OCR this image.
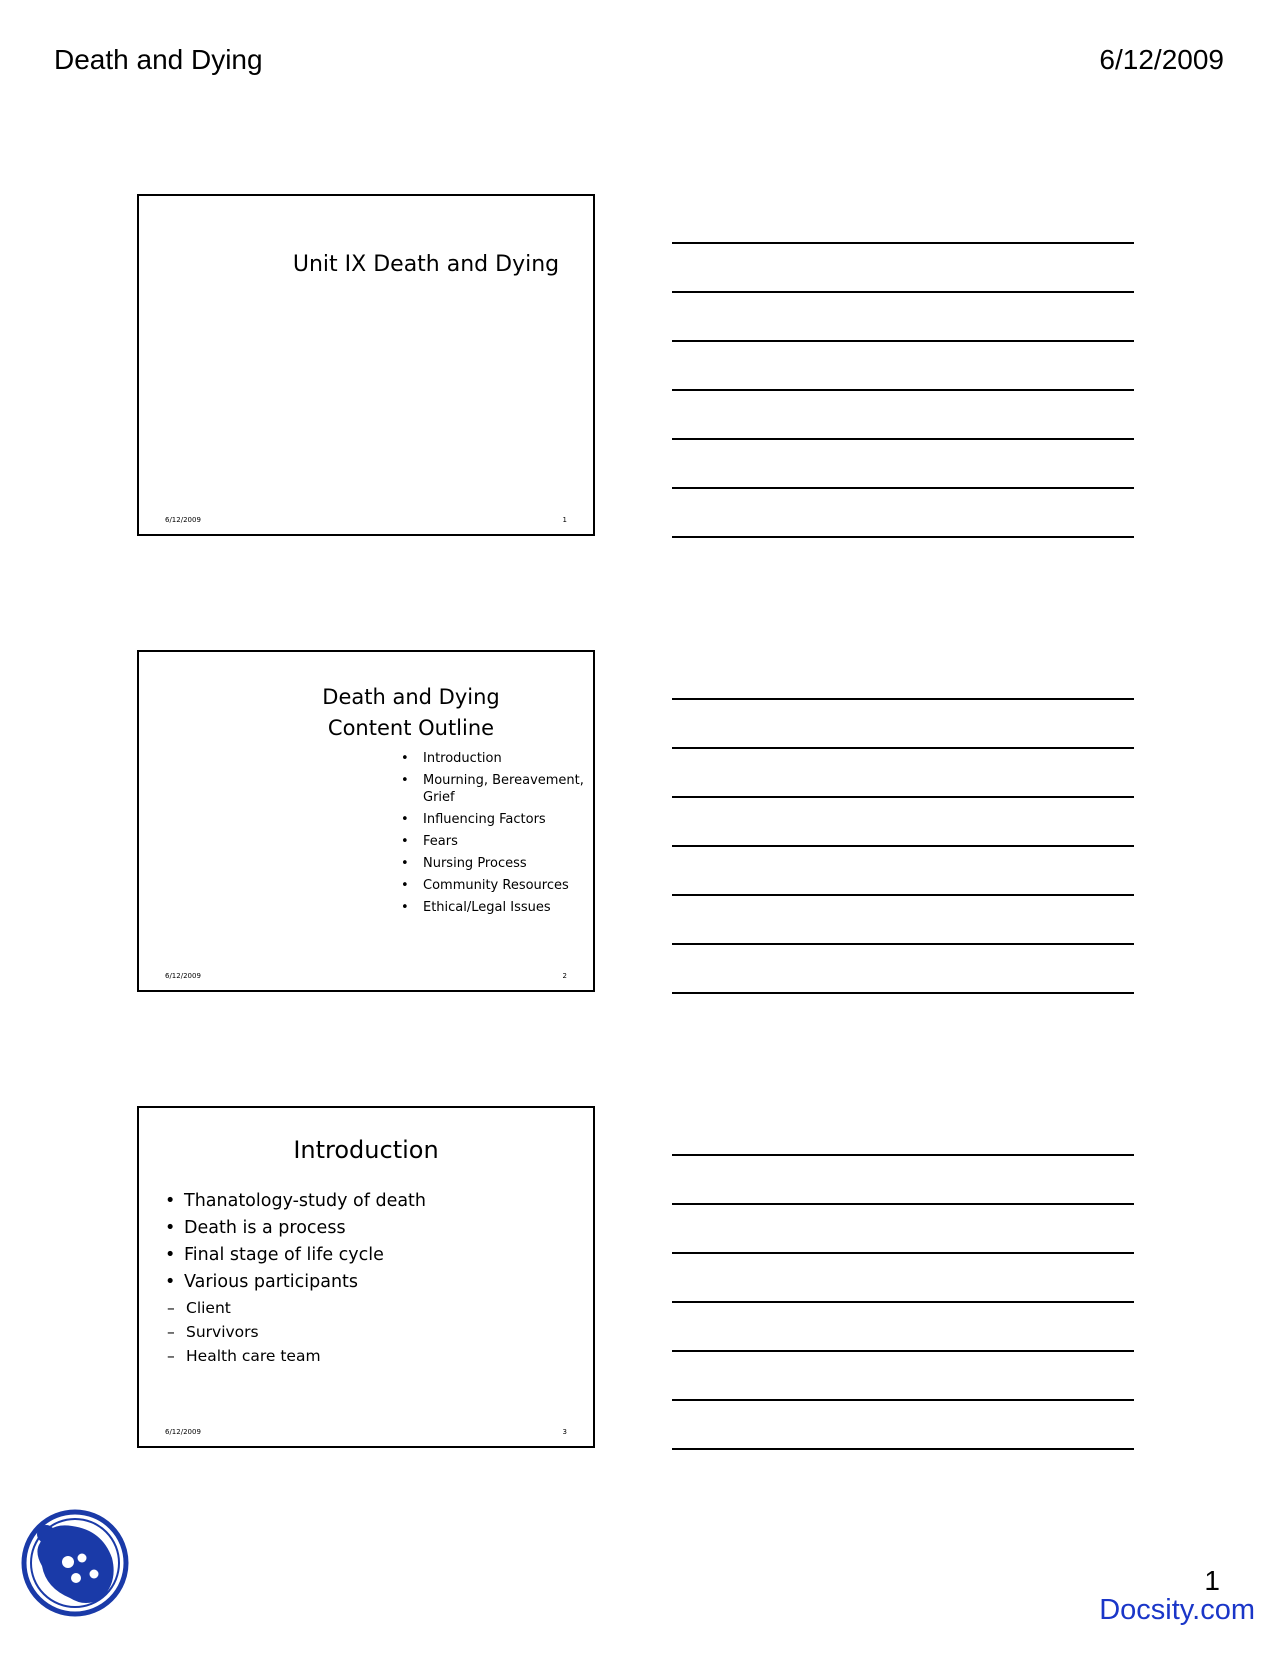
Death and Dying	6/12/2009
Unit IX Death and Dying
6/12/2009	1
Death and Dying
Content Outline
• Introduction
• Mourning, Bereavement, Grief
• Influencing Factors
• Fears
• Nursing Process
• Community Resources
• Ethical/Legal Issues
6/12/2009	2
Introduction
• Thanatology-study of death
• Death is a process
• Final stage of life cycle
• Various participants
– Client
– Survivors
– Health care team
6/12/2009	3
1
Docsity.com
